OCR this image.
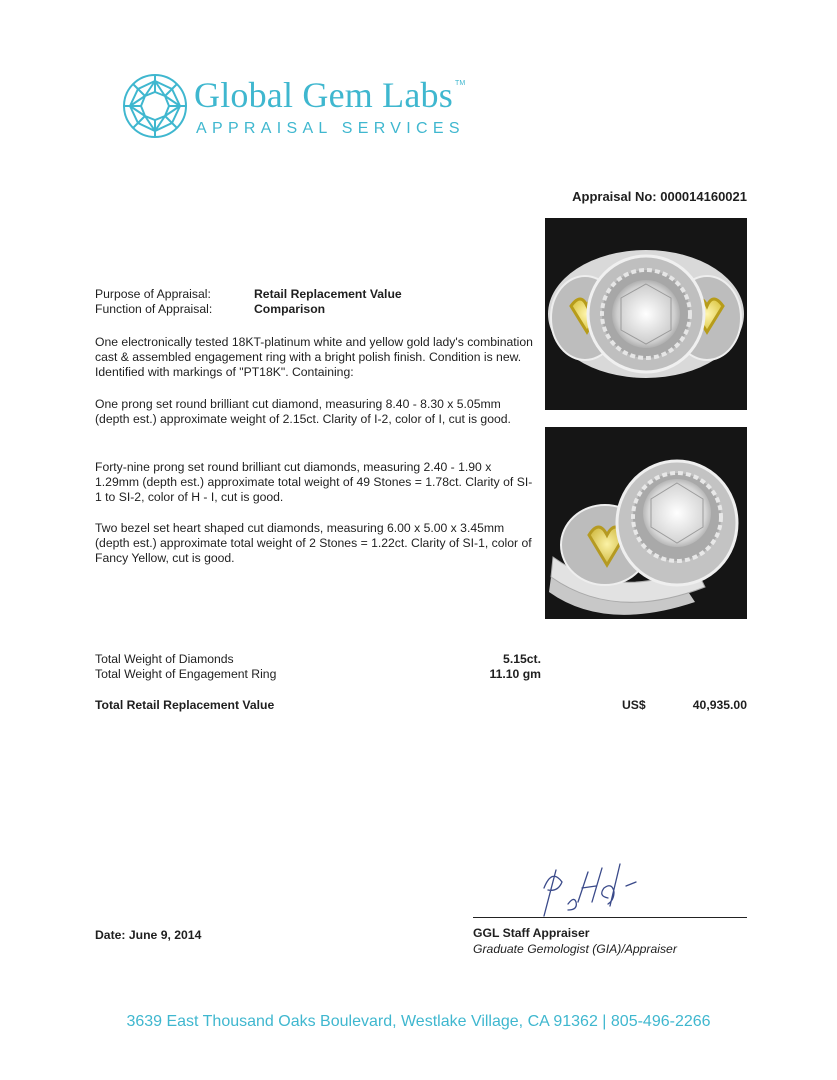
Global Gem Labs ™
APPRAISAL SERVICES
Appraisal No: 000014160021
Purpose of Appraisal:	Retail Replacement Value
Function of Appraisal:	Comparison
One electronically tested 18KT-platinum white and yellow gold lady's combination cast & assembled engagement ring with a bright polish finish. Condition is new. Identified with markings of "PT18K". Containing:
One prong set round brilliant cut diamond, measuring 8.40 - 8.30 x 5.05mm (depth est.) approximate weight of 2.15ct. Clarity of I-2, color of I, cut is good.
Forty-nine prong set round brilliant cut diamonds, measuring 2.40 - 1.90 x 1.29mm (depth est.) approximate total weight of 49 Stones = 1.78ct. Clarity of SI-1 to SI-2, color of H - I, cut is good.
Two bezel set heart shaped cut diamonds, measuring 6.00 x 5.00 x 3.45mm (depth est.) approximate total weight of 2 Stones = 1.22ct. Clarity of SI-1, color of Fancy Yellow, cut is good.
Total Weight of Diamonds	5.15ct.
Total Weight of Engagement Ring	11.10 gm
Total Retail Replacement Value	US$	40,935.00
GGL Staff Appraiser
Graduate Gemologist (GIA)/Appraiser
Date: June 9, 2014
3639 East Thousand Oaks Boulevard, Westlake Village, CA 91362 | 805-496-2266
